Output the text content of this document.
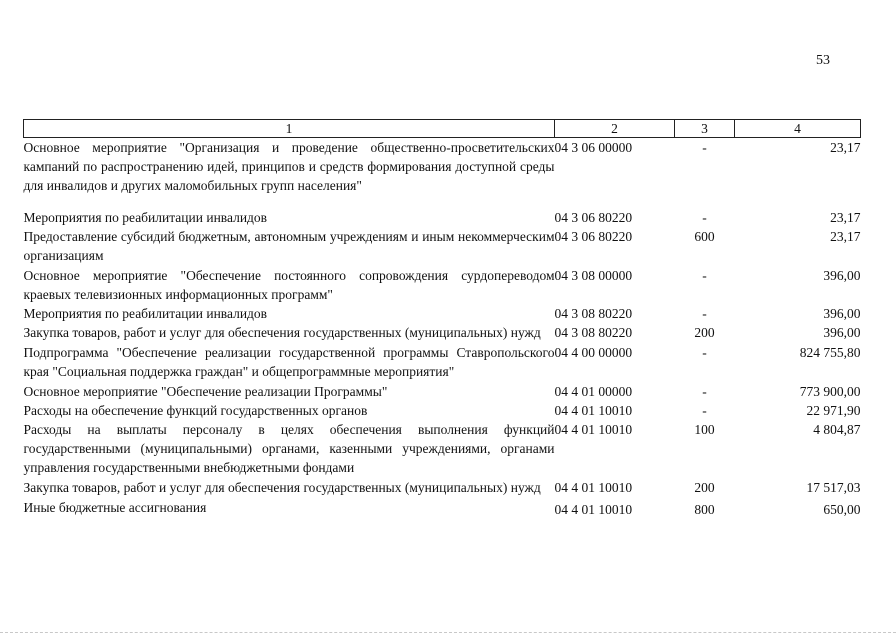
53
1	2	3	4
Основное мероприятие "Организация и проведение общественно-просветительских кампаний по распространению идей, принципов и средств формирования доступной среды для инвалидов и других маломобильных групп населения"	04 3 06 00000	-	23,17
Мероприятия по реабилитации инвалидов	04 3 06 80220	-	23,17
Предоставление субсидий бюджетным, автономным учреждениям и иным некоммерческим организациям	04 3 06 80220	600	23,17
Основное мероприятие "Обеспечение постоянного сопровождения сурдопереводом краевых телевизионных информационных программ"	04 3 08 00000	-	396,00
Мероприятия по реабилитации инвалидов	04 3 08 80220	-	396,00
Закупка товаров, работ и услуг для обеспечения государственных (муниципальных) нужд	04 3 08 80220	200	396,00
Подпрограмма "Обеспечение реализации государственной программы Ставропольского края "Социальная поддержка граждан" и общепрограммные мероприятия"	04 4 00 00000	-	824 755,80
Основное мероприятие "Обеспечение реализации Программы"	04 4 01 00000	-	773 900,00
Расходы на обеспечение функций государственных органов	04 4 01 10010	-	22 971,90
Расходы на выплаты персоналу в целях обеспечения выполнения функций государственными (муниципальными) органами, казенными учреждениями, органами управления государственными внебюджетными фондами	04 4 01 10010	100	4 804,87
Закупка товаров, работ и услуг для обеспечения государственных (муниципальных) нужд	04 4 01 10010	200	17 517,03
Иные бюджетные ассигнования	04 4 01 10010	800	650,00
